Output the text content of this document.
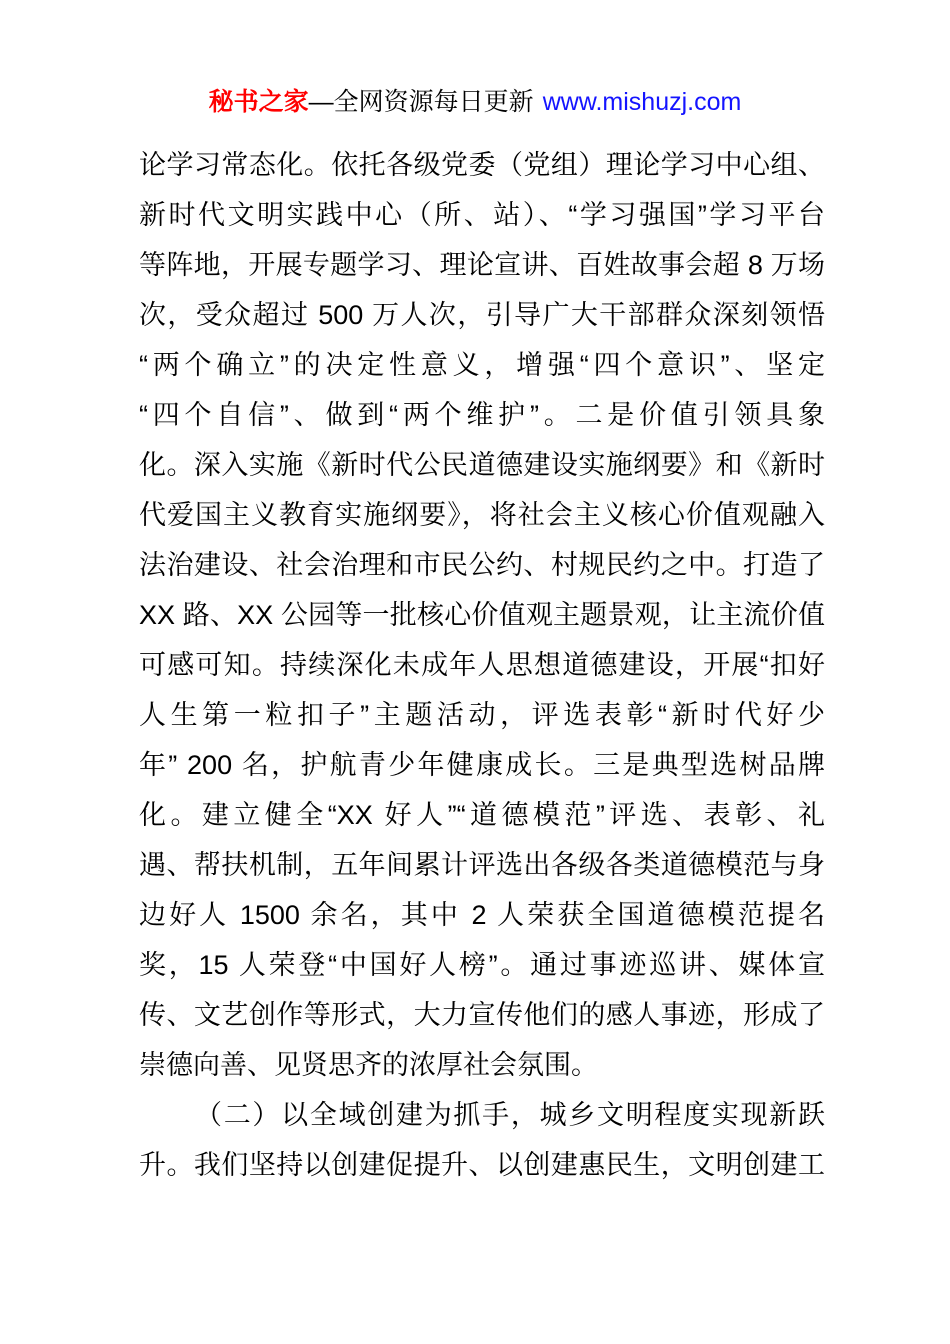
秘书之家—全网资源每日更新 www.mishuzj.com
论学习常态化。依托各级党委（党组）理论学习中心组、
新时代文明实践中心（所、站）、“学习强国”学习平台
等阵地，开展专题学习、理论宣讲、百姓故事会超 8 万场
次，受众超过 500 万人次，引导广大干部群众深刻领悟
“两个确立”的决定性意义，增强“四个意识”、坚定
“四个自信”、做到“两个维护”。二是价值引领具象
化。深入实施《新时代公民道德建设实施纲要》和《新时
代爱国主义教育实施纲要》，将社会主义核心价值观融入
法治建设、社会治理和市民公约、村规民约之中。打造了
XX 路、XX 公园等一批核心价值观主题景观，让主流价值
可感可知。持续深化未成年人思想道德建设，开展“扣好
人生第一粒扣子”主题活动，评选表彰“新时代好少
年” 200 名，护航青少年健康成长。三是典型选树品牌
化。建立健全“XX 好人”“道德模范”评选、表彰、礼
遇、帮扶机制，五年间累计评选出各级各类道德模范与身
边好人 1500 余名，其中 2 人荣获全国道德模范提名
奖，15 人荣登“中国好人榜”。通过事迹巡讲、媒体宣
传、文艺创作等形式，大力宣传他们的感人事迹，形成了
崇德向善、见贤思齐的浓厚社会氛围。
（二）以全域创建为抓手，城乡文明程度实现新跃
升。我们坚持以创建促提升、以创建惠民生，文明创建工
